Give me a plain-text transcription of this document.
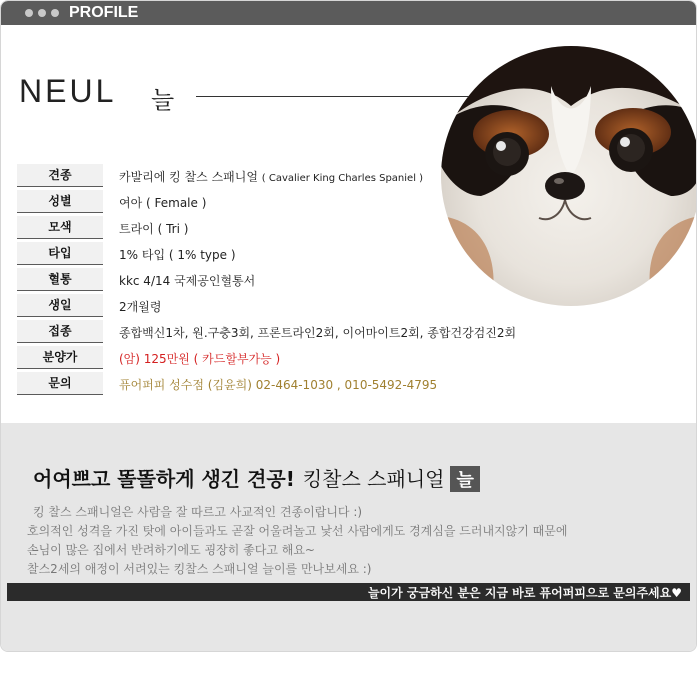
PROFILE
NEUL 늘
견종	카발리에 킹 찰스 스패니얼 ( Cavalier King Charles Spaniel )
성별	여아 ( Female )
모색	트라이 ( Tri )
타입	1% 타입 ( 1% type )
혈통	kkc 4/14 국제공인혈통서
생일	2개월령
접종	종합백신1차, 원.구충3회, 프론트라인2회, 이어마이트2회, 종합건강검진2회
분양가	(암) 125만원 ( 카드할부가능 )
문의	퓨어퍼피 성수점 (김윤희) 02-464-1030 , 010-5492-4795
어여쁘고 똘똘하게 생긴 견공! 킹찰스 스패니얼 늘
킹 찰스 스패니얼은 사람을 잘 따르고 사교적인 견종이랍니다 :)
호의적인 성격을 가진 탓에 아이들과도 곧잘 어울려놀고 낯선 사람에게도 경계심을 드러내지않기 때문에
손님이 많은 집에서 반려하기에도 굉장히 좋다고 해요~
찰스2세의 애정이 서려있는 킹찰스 스패니얼 늘이를 만나보세요 :)
늘이가 궁금하신 분은 지금 바로 퓨어퍼피으로 문의주세요♥
